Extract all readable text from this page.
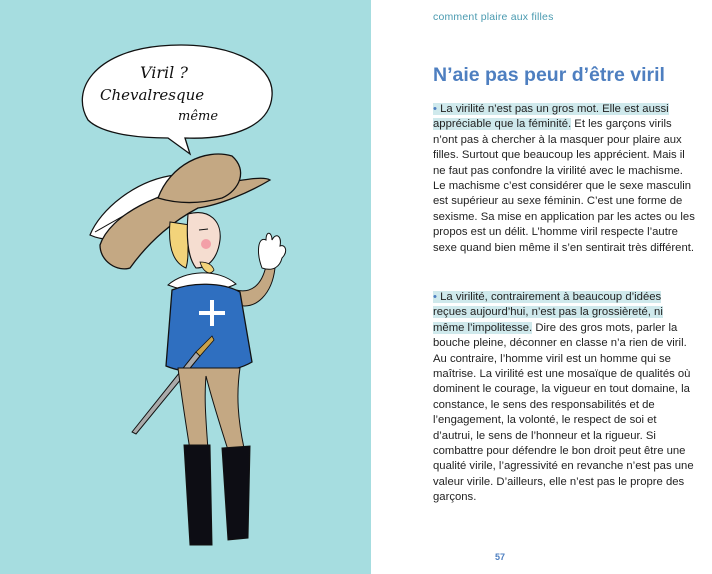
Viril ?
Chevalresque
même
comment plaire aux filles
N’aie pas peur d’être viril

• La virilité n’est pas un gros mot. Elle est aussi appréciable que la féminité. Et les garçons virils n’ont pas à chercher à la masquer pour plaire aux filles. Surtout que beaucoup les apprécient. Mais il ne faut pas confondre la virilité avec le machisme. Le machisme c’est considérer que le sexe masculin est supérieur au sexe féminin. C’est une forme de sexisme. Sa mise en application par les actes ou les propos est un délit. L’homme viril respecte l’autre sexe quand bien même il s’en sentirait très différent.

• La virilité, contrairement à beaucoup d’idées reçues aujourd’hui, n’est pas la grossièreté, ni même l’impolitesse. Dire des gros mots, parler la bouche pleine, déconner en classe n’a rien de viril. Au contraire, l’homme viril est un homme qui se maîtrise. La virilité est une mosaïque de qualités où dominent le courage, la vigueur en tout domaine, la constance, le sens des responsabilités et de l’engagement, la volonté, le respect de soi et d’autrui, le sens de l’honneur et la rigueur. Si combattre pour défendre le bon droit peut être une qualité virile, l’agressivité en revanche n’est pas une valeur virile. D’ailleurs, elle n’est pas le propre des garçons.

57
